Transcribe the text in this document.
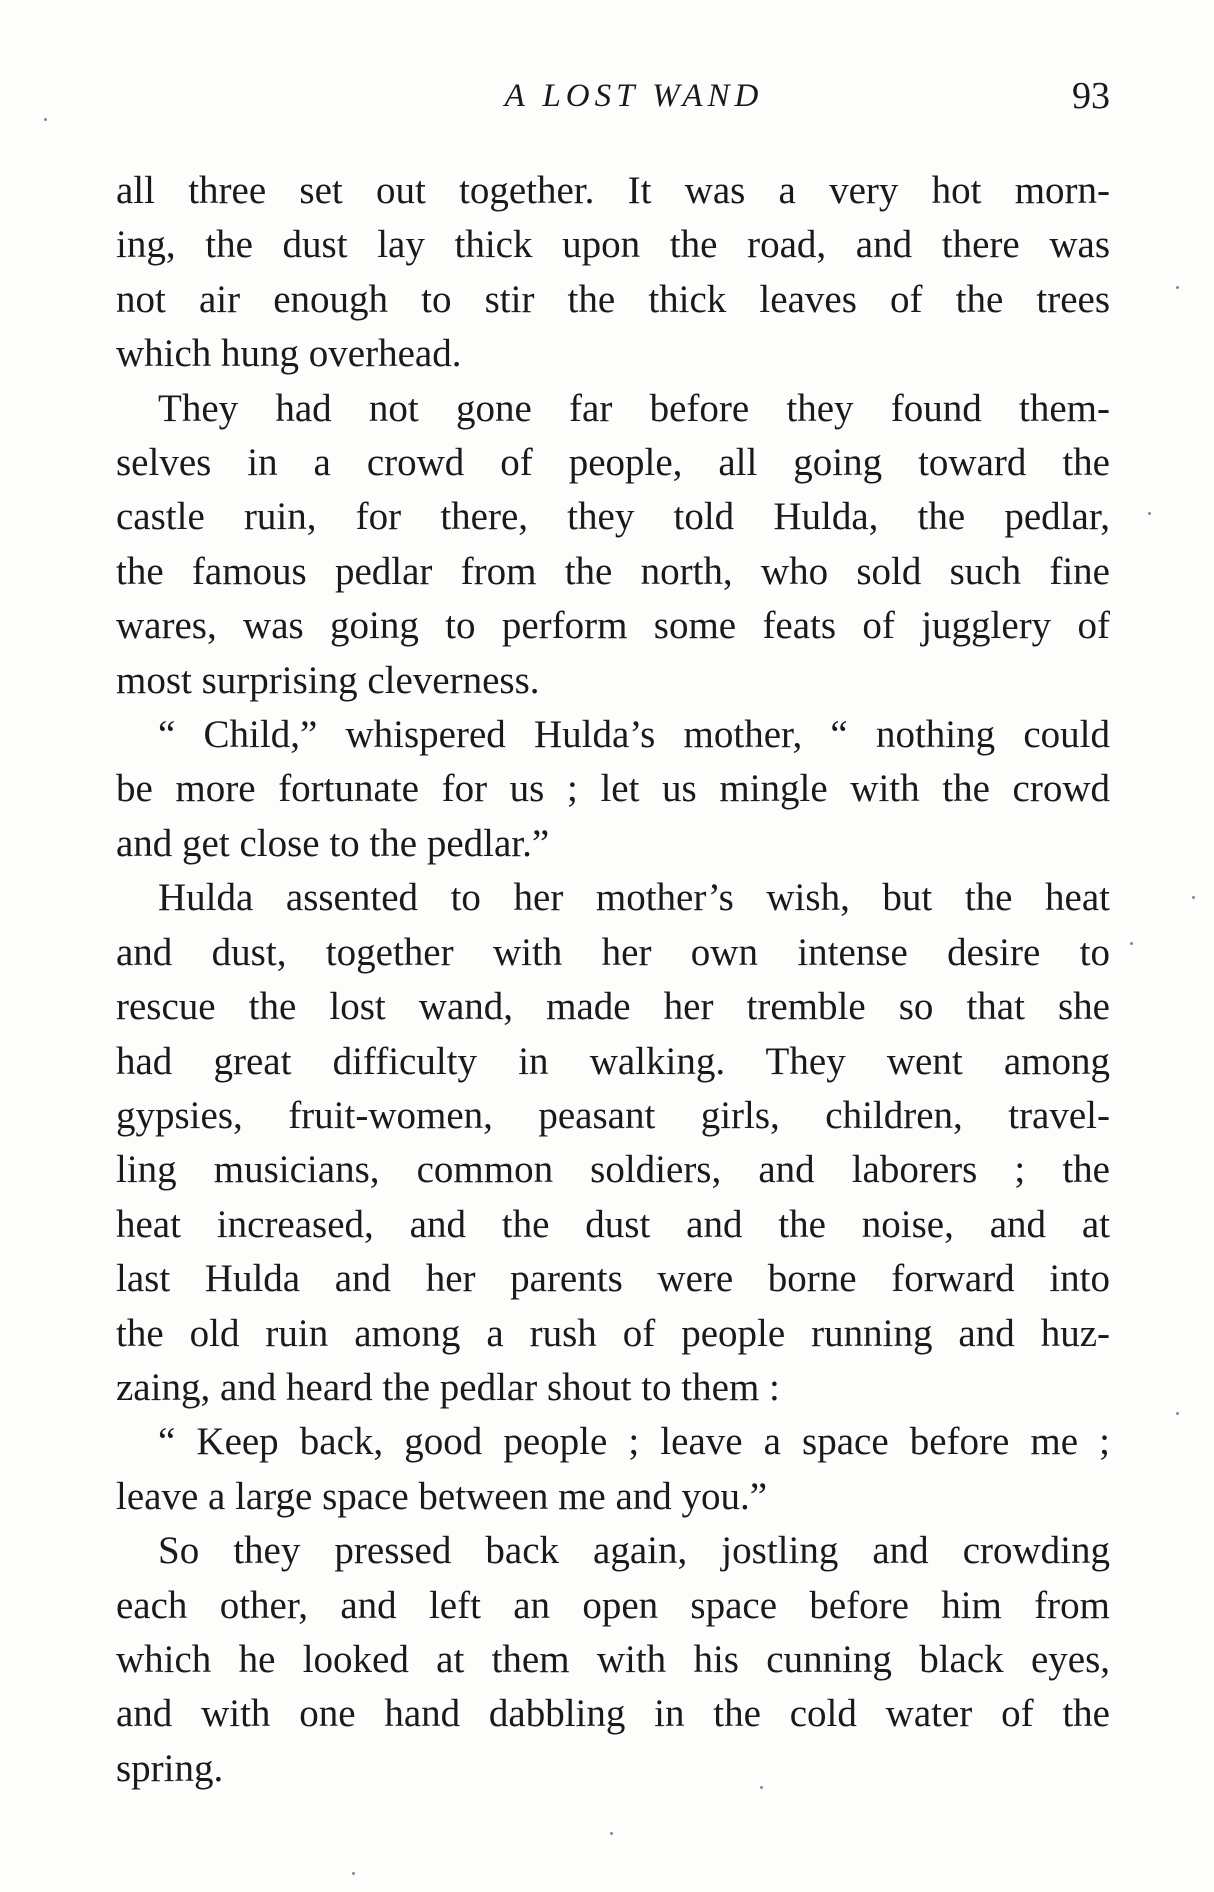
A LOST WAND	93

all three set out together. It was a very hot morn-
ing, the dust lay thick upon the road, and there was
not air enough to stir the thick leaves of the trees
which hung overhead.

They had not gone far before they found them-
selves in a crowd of people, all going toward the
castle ruin, for there, they told Hulda, the pedlar,
the famous pedlar from the north, who sold such fine
wares, was going to perform some feats of jugglery of
most surprising cleverness.

“ Child,” whispered Hulda’s mother, “ nothing could
be more fortunate for us ; let us mingle with the crowd
and get close to the pedlar.”

Hulda assented to her mother’s wish, but the heat
and dust, together with her own intense desire to
rescue the lost wand, made her tremble so that she
had great difficulty in walking. They went among
gypsies, fruit-women, peasant girls, children, travel-
ling musicians, common soldiers, and laborers ; the
heat increased, and the dust and the noise, and at
last Hulda and her parents were borne forward into
the old ruin among a rush of people running and huz-
zaing, and heard the pedlar shout to them :

“ Keep back, good people ; leave a space before me ;
leave a large space between me and you.”

So they pressed back again, jostling and crowding
each other, and left an open space before him from
which he looked at them with his cunning black eyes,
and with one hand dabbling in the cold water of the
spring.
